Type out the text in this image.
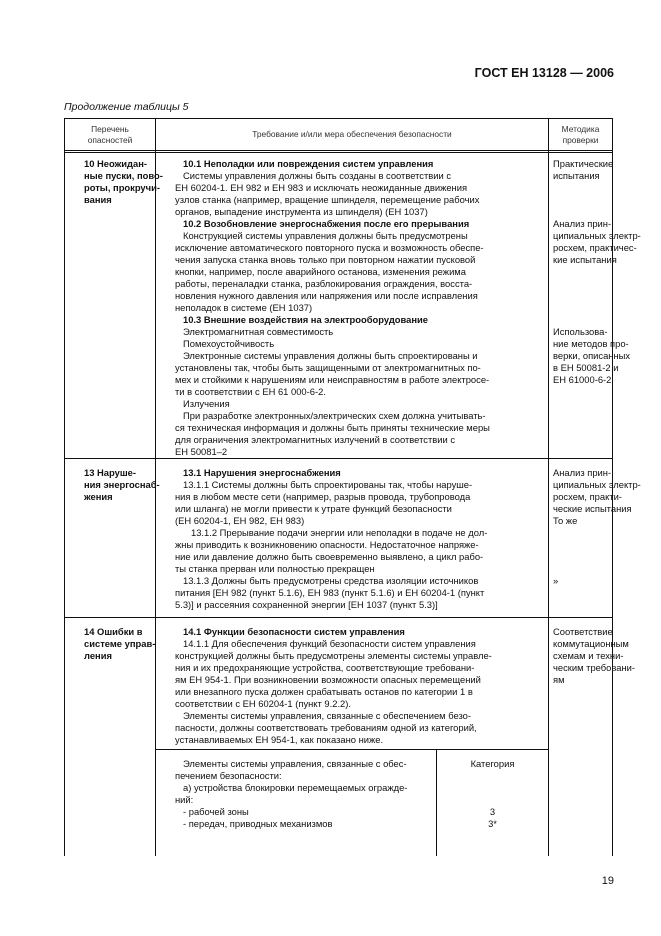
ГОСТ ЕН 13128 — 2006
Продолжение таблицы 5
Перечень
опасностей
Требование и/или мера обеспечения безопасности	Методика
проверки
10 Неожидан-
ные пуски, пово-
роты, прокручи-
вания
10.1 Неполадки или повреждения систем управления
Системы управления должны быть созданы в соответствии с
ЕН 60204-1. ЕН 982 и ЕН 983 и исключать неожиданные движения
узлов станка (например, вращение шпинделя, перемещение рабочих
органов, выпадение инструмента из шпинделя) (ЕН 1037)
10.2 Возобновление энергоснабжения после его прерывания
Конструкцией системы управления должны быть предусмотрены
исключение автоматического повторного пуска и возможность обеспе-
чения запуска станка вновь только при повторном нажатии пусковой
кнопки, например, после аварийного останова, изменения режима
работы, переналадки станка, разблокирования ограждения, восста-
новления нужного давления или напряжения или после исправления
неполадок в системе (ЕН 1037)
10.3 Внешние воздействия на электрооборудование
Электромагнитная совместимость
Помехоустойчивость
Электронные системы управления должны быть спроектированы и
установлены так, чтобы быть защищенными от электромагнитных по-
мех и стойкими к нарушениям или неисправностям в работе электросе-
ти в соответствии с ЕН 61 000-6-2.
Излучения
При разработке электронных/электрических схем должна учитывать-
ся техническая информация и должны быть приняты технические меры
для ограничения электромагнитных излучений в соответствии с
ЕН 50081–2
Практические
испытания
Анализ прин-
ципиальных электр-
росхем, практичес-
кие испытания
Использова-
ние методов про-
верки, описанных
в ЕН 50081-2 и
ЕН 61000-6-2
13 Наруше-
ния энергоснаб-
жения
13.1 Нарушения энергоснабжения
13.1.1 Системы должны быть спроектированы так, чтобы наруше-
ния в любом месте сети (например, разрыв провода, трубопровода
или шланга) не могли привести к утрате функций безопасности
(ЕН 60204-1, ЕН 982, ЕН 983)
13.1.2 Прерывание подачи энергии или неполадки в подаче не дол-
жны приводить к возникновению опасности. Недостаточное напряже-
ние или давление должно быть своевременно выявлено, а цикл рабо-
ты станка прерван или полностью прекращен
13.1.3 Должны быть предусмотрены средства изоляции источников
питания [ЕН 982 (пункт 5.1.6), ЕН 983 (пункт 5.1.6) и ЕН 60204-1 (пункт
5.3)] и рассеяния сохраненной энергии [ЕН 1037 (пункт 5.3)]
Анализ прин-
ципиальных электр-
росхем, практи-
ческие испытания
То же
»
14 Ошибки в
системе управ-
ления
14.1 Функции безопасности систем управления
14.1.1 Для обеспечения функций безопасности систем управления
конструкцией должны быть предусмотрены элементы системы управле-
ния и их предохраняющие устройства, соответствующие требовани-
ям ЕН 954-1. При возникновении возможности опасных перемещений
или внезапного пуска должен срабатывать останов по категории 1 в
соответствии с ЕН 60204-1 (пункт 9.2.2).
Элементы системы управления, связанные с обеспечением безо-
пасности, должны соответствовать требованиям одной из категорий,
устанавливаемых ЕН 954-1, как показано ниже.
Соответствие
коммутационным
схемам и техни-
ческим требовани-
ям
Элементы системы управления, связанные с обес-
печением безопасности:
а) устройства блокировки перемещаемых огражде-
ний:
- рабочей зоны
- передач, приводных механизмов
Категория
3
3*
19
